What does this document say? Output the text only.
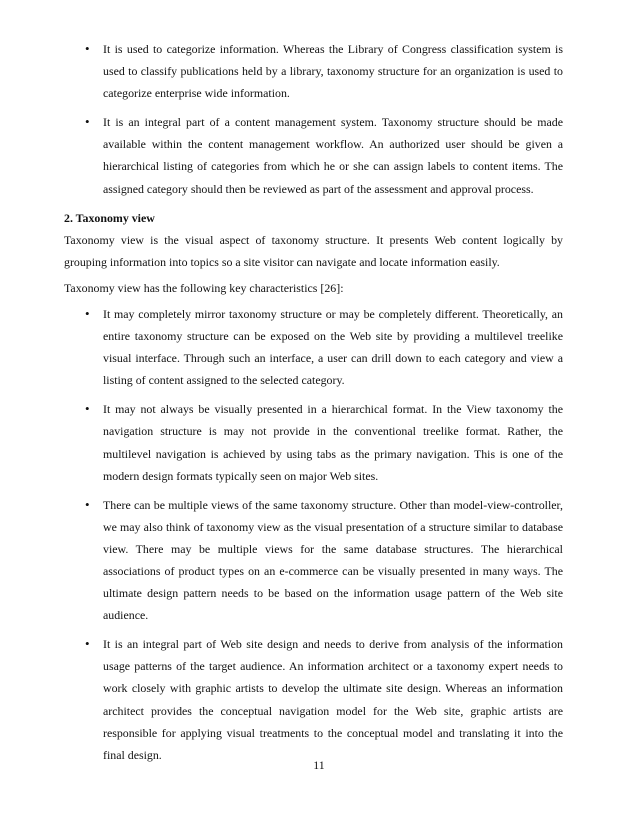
• It is used to categorize information. Whereas the Library of Congress classification system is used to classify publications held by a library, taxonomy structure for an organization is used to categorize enterprise wide information.
• It is an integral part of a content management system. Taxonomy structure should be made available within the content management workflow. An authorized user should be given a hierarchical listing of categories from which he or she can assign labels to content items. The assigned category should then be reviewed as part of the assessment and approval process.
2. Taxonomy view

Taxonomy view is the visual aspect of taxonomy structure. It presents Web content logically by grouping information into topics so a site visitor can navigate and locate information easily.

Taxonomy view has the following key characteristics [26]:

• It may completely mirror taxonomy structure or may be completely different. Theoretically, an entire taxonomy structure can be exposed on the Web site by providing a multilevel treelike visual interface. Through such an interface, a user can drill down to each category and view a listing of content assigned to the selected category.
• It may not always be visually presented in a hierarchical format. In the View taxonomy the navigation structure is may not provide in the conventional treelike format. Rather, the multilevel navigation is achieved by using tabs as the primary navigation. This is one of the modern design formats typically seen on major Web sites.
• There can be multiple views of the same taxonomy structure. Other than model-view-controller, we may also think of taxonomy view as the visual presentation of a structure similar to database view. There may be multiple views for the same database structures. The hierarchical associations of product types on an e-commerce can be visually presented in many ways. The ultimate design pattern needs to be based on the information usage pattern of the Web site audience.
• It is an integral part of Web site design and needs to derive from analysis of the information usage patterns of the target audience. An information architect or a taxonomy expert needs to work closely with graphic artists to develop the ultimate site design. Whereas an information architect provides the conceptual navigation model for the Web site, graphic artists are responsible for applying visual treatments to the conceptual model and translating it into the final design.
11
